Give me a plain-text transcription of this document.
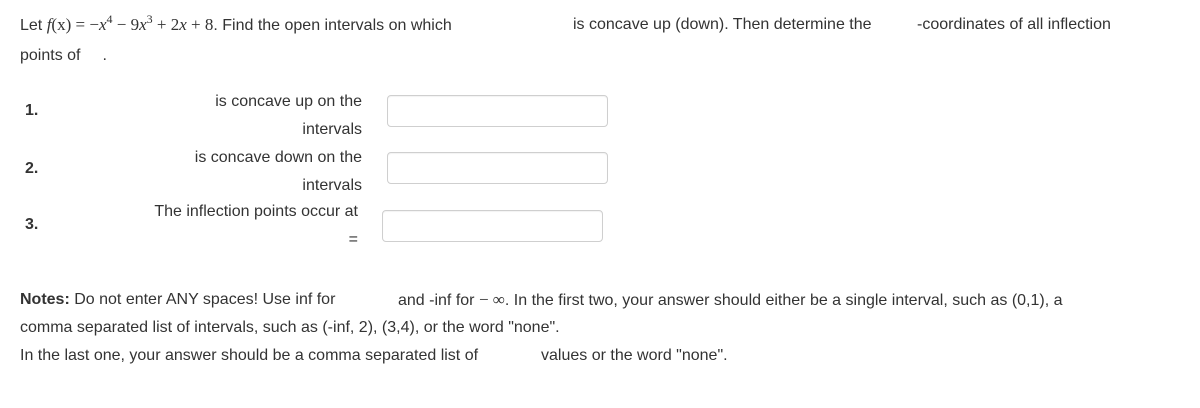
Let $f(x) = -x^4 - 9x^3 + 2x + 8$. Find the open intervals on which	is concave up (down). Then determine the	-coordinates of all inflection
points of .
1.
is concave up on the
intervals
2.
is concave down on the
intervals
3.
The inflection points occur at
=
Notes: Do not enter ANY spaces! Use inf for	and -inf for − ∞. In the first two, your answer should either be a single interval, such as (0,1), a
comma separated list of intervals, such as (-inf, 2), (3,4), or the word "none".
In the last one, your answer should be a comma separated list of	values or the word "none".
